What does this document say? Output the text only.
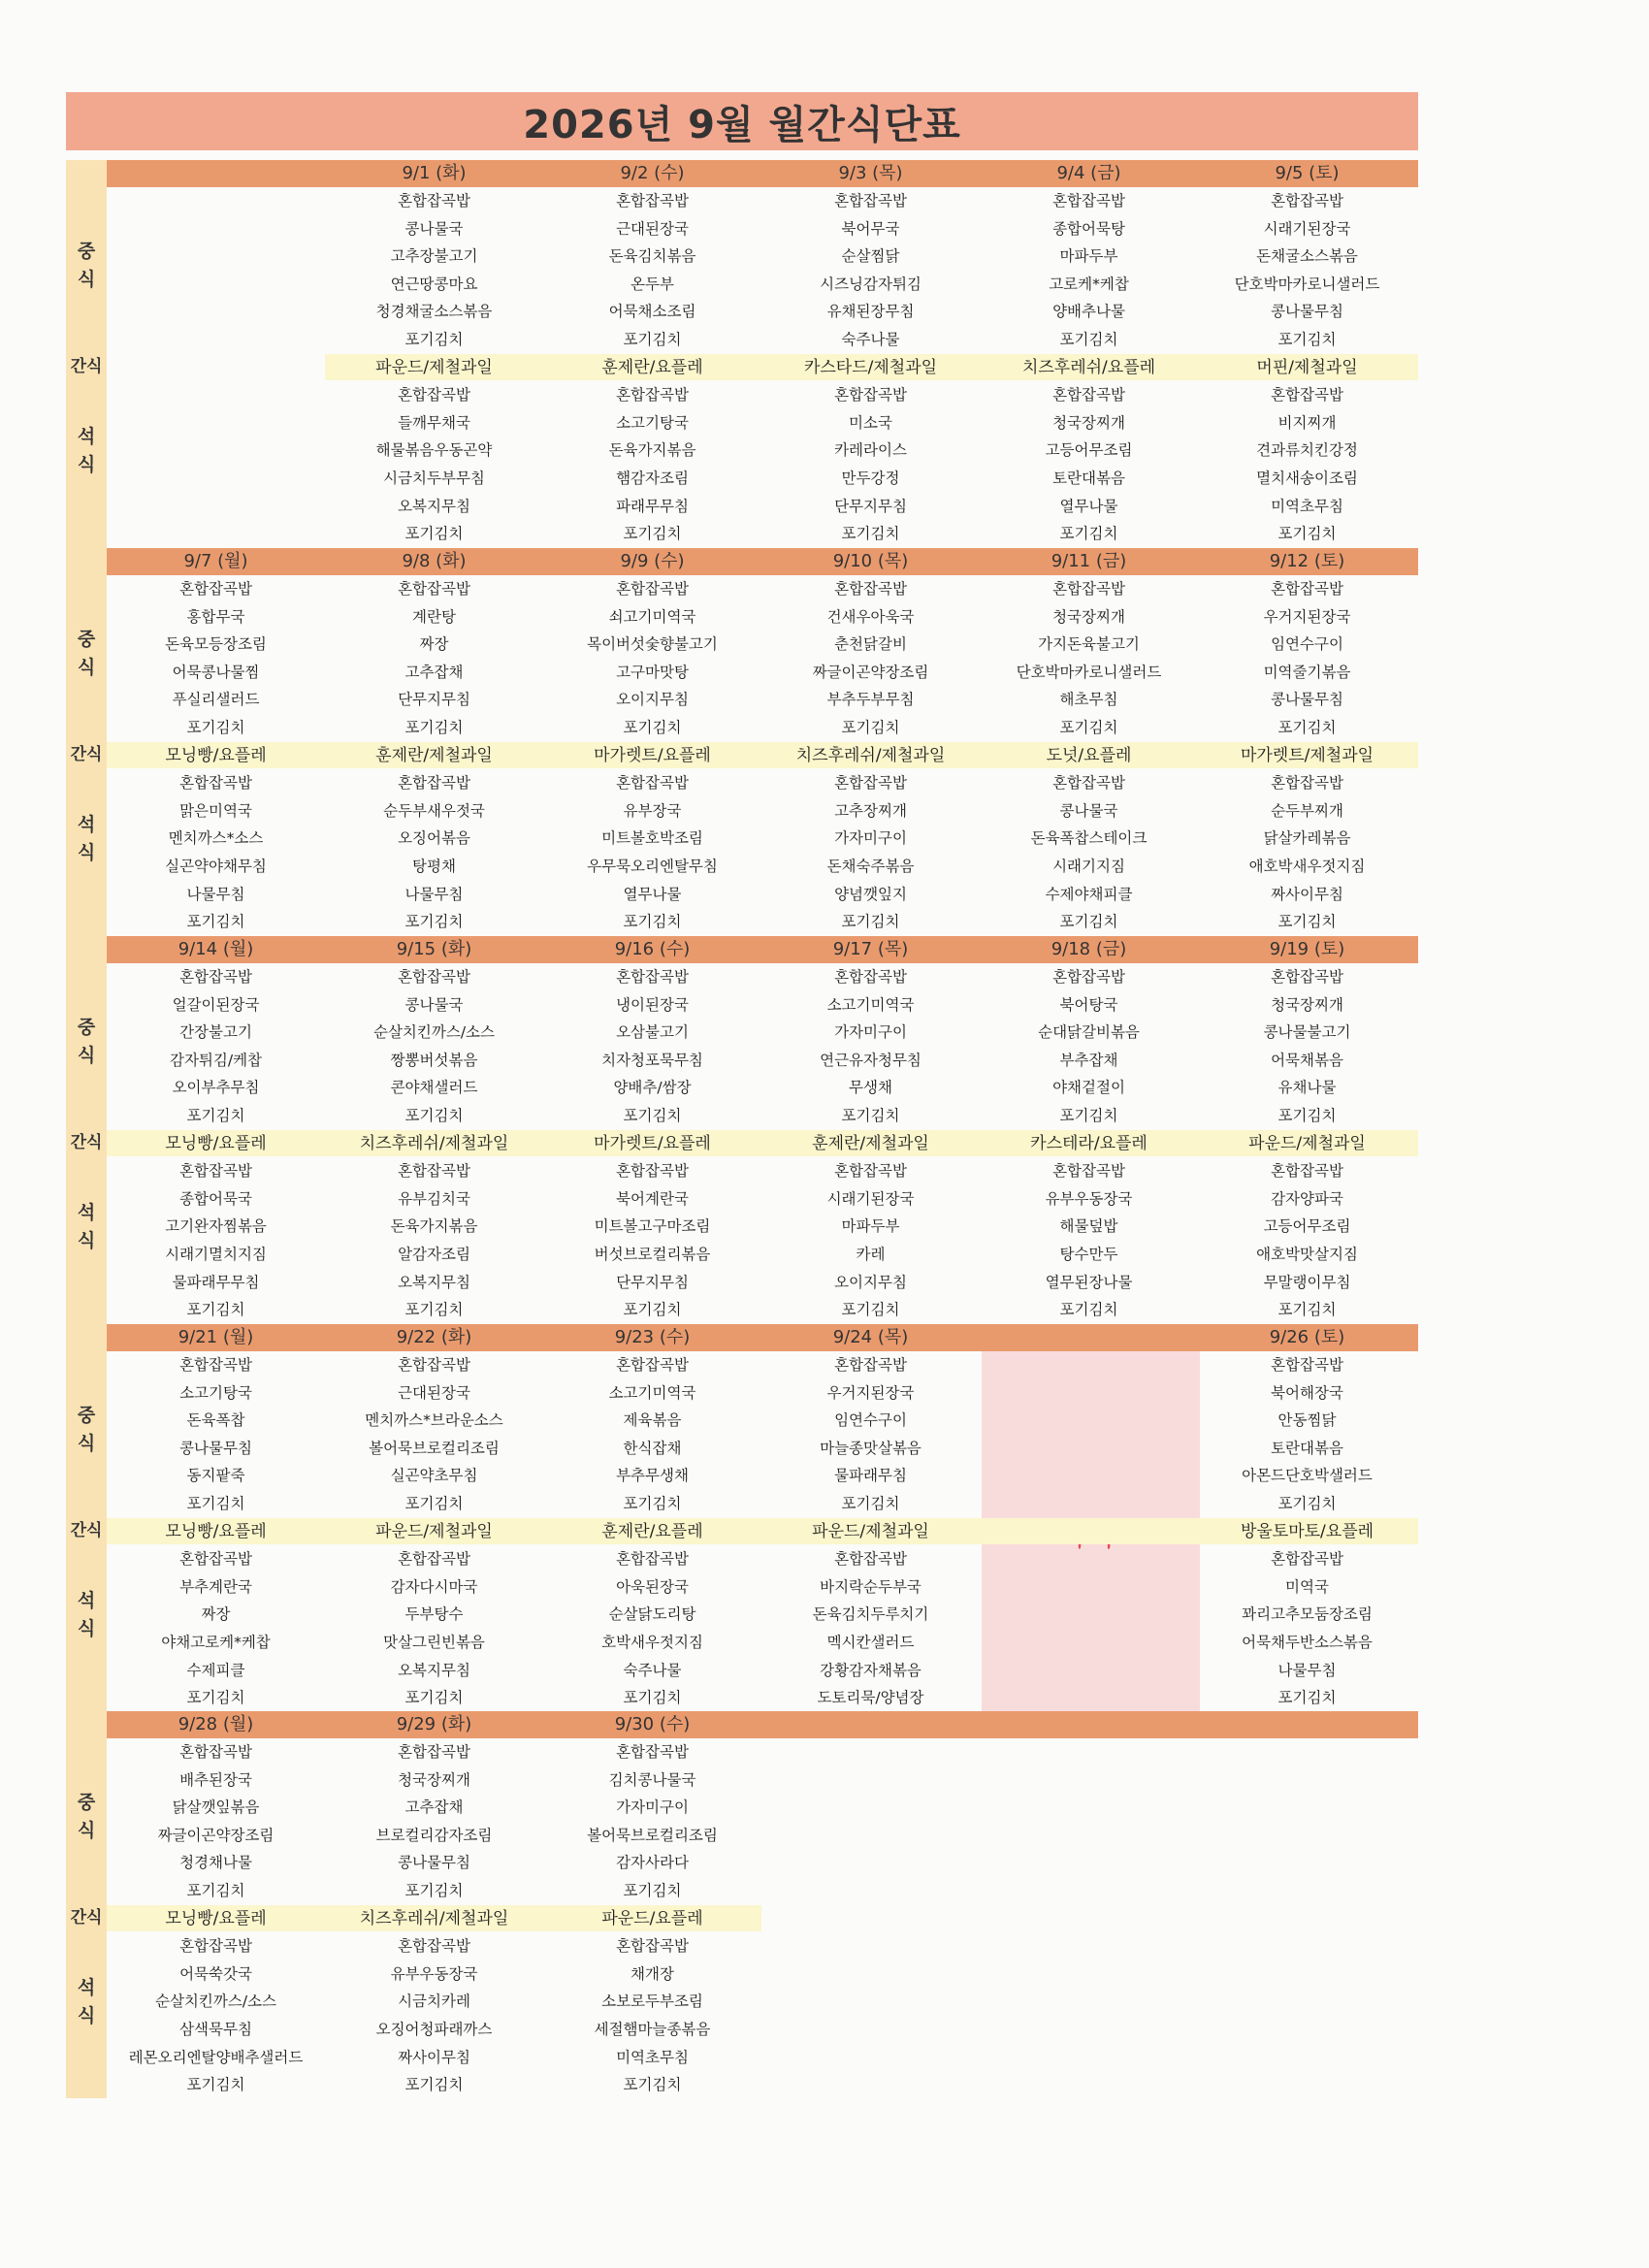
2026년 9월 월간식단표
9/1 (화)
혼합잡곡밥
콩나물국
고추장불고기
연근땅콩마요
청경채굴소스볶음
포기김치
파운드/제철과일
혼합잡곡밥
들깨무채국
해물볶음우동곤약
시금치두부무침
오복지무침
포기김치
9/2 (수)
혼합잡곡밥
근대된장국
돈육김치볶음
온두부
어묵채소조림
포기김치
훈제란/요플레
혼합잡곡밥
소고기탕국
돈육가지볶음
햄감자조림
파래무무침
포기김치
9/3 (목)
혼합잡곡밥
북어무국
순살찜닭
시즈닝감자튀김
유채된장무침
숙주나물
카스타드/제철과일
혼합잡곡밥
미소국
카레라이스
만두강정
단무지무침
포기김치
9/4 (금)
혼합잡곡밥
종합어묵탕
마파두부
고로케*케찹
양배추나물
포기김치
치즈후레쉬/요플레
혼합잡곡밥
청국장찌개
고등어무조림
토란대볶음
열무나물
포기김치
9/5 (토)
혼합잡곡밥
시래기된장국
돈채굴소스볶음
단호박마카로니샐러드
콩나물무침
포기김치
머핀/제철과일
혼합잡곡밥
비지찌개
견과류치킨강정
멸치새송이조림
미역초무침
포기김치
9/7 (월)
혼합잡곡밥
홍합무국
돈육모등장조림
어묵콩나물찜
푸실리샐러드
포기김치
모닝빵/요플레
혼합잡곡밥
맑은미역국
멘치까스*소스
실곤약야채무침
나물무침
포기김치
9/8 (화)
혼합잡곡밥
계란탕
짜장
고추잡채
단무지무침
포기김치
훈제란/제철과일
혼합잡곡밥
순두부새우젓국
오징어볶음
탕평채
나물무침
포기김치
9/9 (수)
혼합잡곡밥
쇠고기미역국
목이버섯숯향불고기
고구마맛탕
오이지무침
포기김치
마가렛트/요플레
혼합잡곡밥
유부장국
미트볼호박조림
우무묵오리엔탈무침
열무나물
포기김치
9/10 (목)
혼합잡곡밥
건새우아욱국
춘천닭갈비
짜글이곤약장조림
부추두부무침
포기김치
치즈후레쉬/제철과일
혼합잡곡밥
고추장찌개
가자미구이
돈채숙주볶음
양념깻잎지
포기김치
9/11 (금)
혼합잡곡밥
청국장찌개
가지돈육불고기
단호박마카로니샐러드
해초무침
포기김치
도넛/요플레
혼합잡곡밥
콩나물국
돈육폭찹스테이크
시래기지짐
수제야채피클
포기김치
9/12 (토)
혼합잡곡밥
우거지된장국
임연수구이
미역줄기볶음
콩나물무침
포기김치
마가렛트/제철과일
혼합잡곡밥
순두부찌개
닭살카레볶음
애호박새우젓지짐
짜사이무침
포기김치
9/14 (월)
혼합잡곡밥
얼갈이된장국
간장불고기
감자튀김/케찹
오이부추무침
포기김치
모닝빵/요플레
혼합잡곡밥
종합어묵국
고기완자찜볶음
시래기멸치지짐
물파래무무침
포기김치
9/15 (화)
혼합잡곡밥
콩나물국
순살치킨까스/소스
짱뽕버섯볶음
콘야채샐러드
포기김치
치즈후레쉬/제철과일
혼합잡곡밥
유부김치국
돈육가지볶음
알감자조림
오복지무침
포기김치
9/16 (수)
혼합잡곡밥
냉이된장국
오삼불고기
치자청포묵무침
양배추/쌈장
포기김치
마가렛트/요플레
혼합잡곡밥
북어계란국
미트볼고구마조림
버섯브로컬리볶음
단무지무침
포기김치
9/17 (목)
혼합잡곡밥
소고기미역국
가자미구이
연근유자청무침
무생채
포기김치
훈제란/제철과일
혼합잡곡밥
시래기된장국
마파두부
카레
오이지무침
포기김치
9/18 (금)
혼합잡곡밥
북어탕국
순대닭갈비볶음
부추잡채
야채겉절이
포기김치
카스테라/요플레
혼합잡곡밥
유부우동장국
해물덮밥
탕수만두
열무된장나물
포기김치
9/19 (토)
혼합잡곡밥
청국장찌개
콩나물불고기
어묵채볶음
유채나물
포기김치
파운드/제철과일
혼합잡곡밥
감자양파국
고등어무조림
애호박맛살지짐
무말랭이무침
포기김치
9/21 (월)
혼합잡곡밥
소고기탕국
돈육폭찹
콩나물무침
동지팥죽
포기김치
모닝빵/요플레
혼합잡곡밥
부추계란국
짜장
야채고로케*케찹
수제피클
포기김치
9/22 (화)
혼합잡곡밥
근대된장국
멘치까스*브라운소스
볼어묵브로컬리조림
실곤약초무침
포기김치
파운드/제철과일
혼합잡곡밥
감자다시마국
두부탕수
맛살그린빈볶음
오복지무침
포기김치
9/23 (수)
혼합잡곡밥
소고기미역국
제육볶음
한식잡채
부추무생채
포기김치
훈제란/요플레
혼합잡곡밥
아욱된장국
순살닭도리탕
호박새우젓지짐
숙주나물
포기김치
9/24 (목)
혼합잡곡밥
우거지된장국
임연수구이
마늘종맛살볶음
물파래무침
포기김치
파운드/제철과일
혼합잡곡밥
바지락순두부국
돈육김치두루치기
멕시칸샐러드
강황감자채볶음
도토리묵/양념장
9/26 (토)
혼합잡곡밥
북어해장국
안동찜닭
토란대볶음
아몬드단호박샐러드
포기김치
방울토마토/요플레
혼합잡곡밥
미역국
꽈리고추모둠장조림
어묵채두반소스볶음
나물무침
포기김치
9/28 (월)
혼합잡곡밥
배추된장국
닭살깻잎볶음
짜글이곤약장조림
청경채나물
포기김치
모닝빵/요플레
혼합잡곡밥
어묵쑥갓국
순살치킨까스/소스
삼색묵무침
레몬오리엔탈양배추샐러드
포기김치
9/29 (화)
혼합잡곡밥
청국장찌개
고추잡채
브로컬리감자조림
콩나물무침
포기김치
치즈후레쉬/제철과일
혼합잡곡밥
유부우동장국
시금치카레
오징어청파래까스
짜사이무침
포기김치
9/30 (수)
혼합잡곡밥
김치콩나물국
가자미구이
볼어묵브로컬리조림
감자사라다
포기김치
파운드/요플레
혼합잡곡밥
채개장
소보로두부조림
세절햄마늘종볶음
미역초무침
포기김치
중
식
간식
석
식
중
식
간식
석
식
중
식
간식
석
식
중
식
간식
석
식
중
식
간식
석
식
